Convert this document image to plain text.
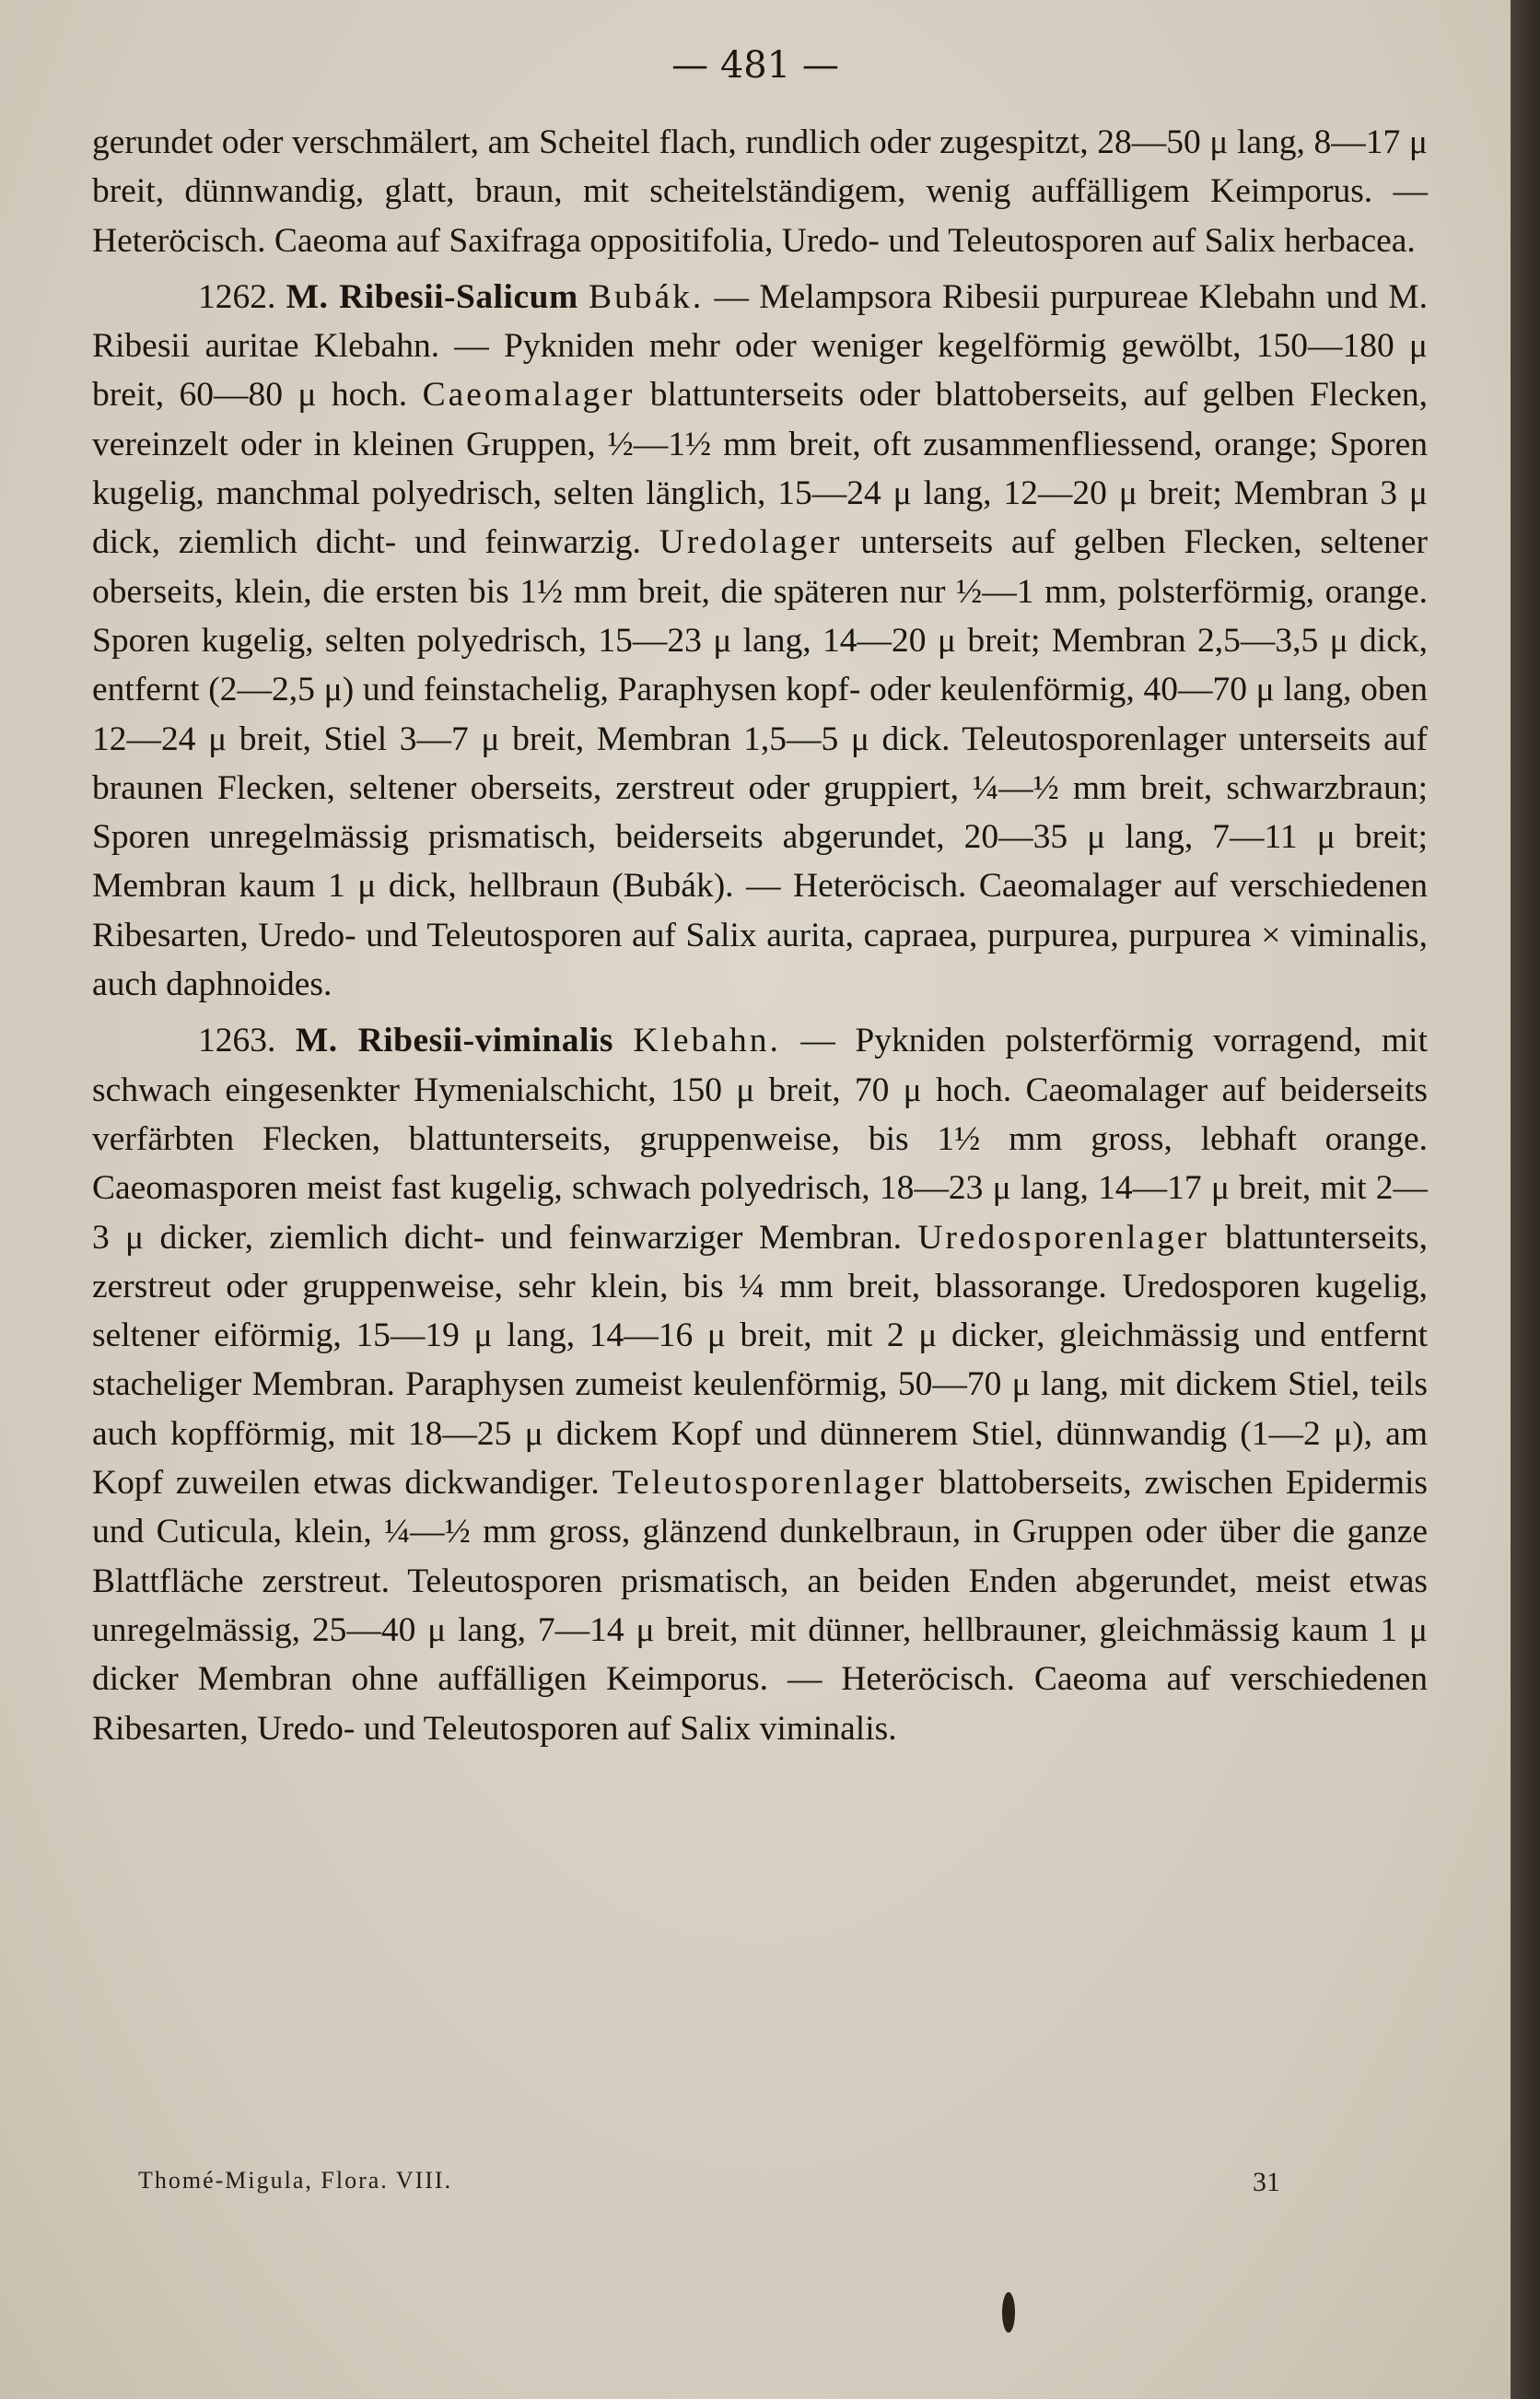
— 481 —

gerundet oder verschmälert, am Scheitel flach, rundlich oder zugespitzt, 28—50 μ lang, 8—17 μ breit, dünnwandig, glatt, braun, mit scheitelständigem, wenig auffälligem Keimporus. — Heteröcisch. Caeoma auf Saxifraga oppositifolia, Uredo- und Teleutosporen auf Salix herbacea.

1262. M. Ribesii-Salicum Bubák. — Melampsora Ribesii purpureae Klebahn und M. Ribesii auritae Klebahn. — Pykniden mehr oder weniger kegelförmig gewölbt, 150—180 μ breit, 60—80 μ hoch. Caeomalager blattunterseits oder blattoberseits, auf gelben Flecken, vereinzelt oder in kleinen Gruppen, ½—1½ mm breit, oft zusammenfliessend, orange; Sporen kugelig, manchmal polyedrisch, selten länglich, 15—24 μ lang, 12—20 μ breit; Membran 3 μ dick, ziemlich dicht- und feinwarzig. Uredolager unterseits auf gelben Flecken, seltener oberseits, klein, die ersten bis 1½ mm breit, die späteren nur ½—1 mm, polsterförmig, orange. Sporen kugelig, selten polyedrisch, 15—23 μ lang, 14—20 μ breit; Membran 2,5—3,5 μ dick, entfernt (2—2,5 μ) und feinstachelig, Paraphysen kopf- oder keulenförmig, 40—70 μ lang, oben 12—24 μ breit, Stiel 3—7 μ breit, Membran 1,5—5 μ dick. Teleutosporenlager unterseits auf braunen Flecken, seltener oberseits, zerstreut oder gruppiert, ¼—½ mm breit, schwarzbraun; Sporen unregelmässig prismatisch, beiderseits abgerundet, 20—35 μ lang, 7—11 μ breit; Membran kaum 1 μ dick, hellbraun (Bubák). — Heteröcisch. Caeomalager auf verschiedenen Ribesarten, Uredo- und Teleutosporen auf Salix aurita, capraea, purpurea, purpurea × viminalis, auch daphnoides.

1263. M. Ribesii-viminalis Klebahn. — Pykniden polsterförmig vorragend, mit schwach eingesenkter Hymenialschicht, 150 μ breit, 70 μ hoch. Caeomalager auf beiderseits verfärbten Flecken, blattunterseits, gruppenweise, bis 1½ mm gross, lebhaft orange. Caeomasporen meist fast kugelig, schwach polyedrisch, 18—23 μ lang, 14—17 μ breit, mit 2—3 μ dicker, ziemlich dicht- und feinwarziger Membran. Uredosporenlager blattunterseits, zerstreut oder gruppenweise, sehr klein, bis ¼ mm breit, blassorange. Uredosporen kugelig, seltener eiförmig, 15—19 μ lang, 14—16 μ breit, mit 2 μ dicker, gleichmässig und entfernt stacheliger Membran. Paraphysen zumeist keulenförmig, 50—70 μ lang, mit dickem Stiel, teils auch kopfförmig, mit 18—25 μ dickem Kopf und dünnerem Stiel, dünnwandig (1—2 μ), am Kopf zuweilen etwas dickwandiger. Teleutosporenlager blattoberseits, zwischen Epidermis und Cuticula, klein, ¼—½ mm gross, glänzend dunkelbraun, in Gruppen oder über die ganze Blattfläche zerstreut. Teleutosporen prismatisch, an beiden Enden abgerundet, meist etwas unregelmässig, 25—40 μ lang, 7—14 μ breit, mit dünner, hellbrauner, gleichmässig kaum 1 μ dicker Membran ohne auffälligen Keimporus. — Heteröcisch. Caeoma auf verschiedenen Ribesarten, Uredo- und Teleutosporen auf Salix viminalis.

Thomé-Migula, Flora. VIII.	31
